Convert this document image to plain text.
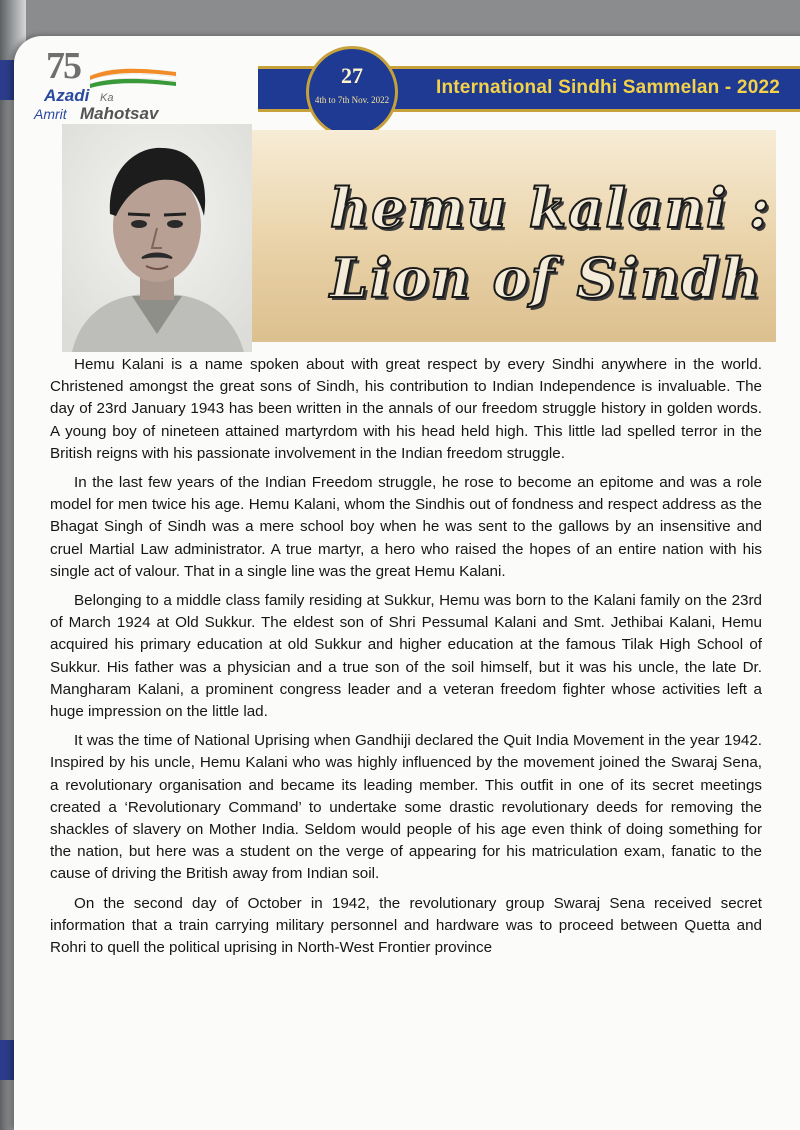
75
Azadi Ka
Amrit Mahotsav
International Sindhi Sammelan - 2022
27
4th to 7th Nov. 2022
hemu kalani :
Lion of Sindh

Hemu Kalani is a name spoken about with great respect by every Sindhi anywhere in the world. Christened amongst the great sons of Sindh, his contribution to Indian Independence is invaluable. The day of 23rd January 1943 has been written in the annals of our freedom struggle history in golden words. A young boy of nineteen attained martyrdom with his head held high. This little lad spelled terror in the British reigns with his passionate involvement in the Indian freedom struggle.

In the last few years of the Indian Freedom struggle, he rose to become an epitome and was a role model for men twice his age. Hemu Kalani, whom the Sindhis out of fondness and respect address as the Bhagat Singh of Sindh was a mere school boy when he was sent to the gallows by an insensitive and cruel Martial Law administrator. A true martyr, a hero who raised the hopes of an entire nation with his single act of valour. That in a single line was the great Hemu Kalani.

Belonging to a middle class family residing at Sukkur, Hemu was born to the Kalani family on the 23rd of March 1924 at Old Sukkur. The eldest son of Shri Pessumal Kalani and Smt. Jethibai Kalani, Hemu acquired his primary education at old Sukkur and higher education at the famous Tilak High School of Sukkur. His father was a physician and a true son of the soil himself, but it was his uncle, the late Dr. Mangharam Kalani, a prominent congress leader and a veteran freedom fighter whose activities left a huge impression on the little lad.

It was the time of National Uprising when Gandhiji declared the Quit India Movement in the year 1942. Inspired by his uncle, Hemu Kalani who was highly influenced by the movement joined the Swaraj Sena, a revolutionary organisation and became its leading member. This outfit in one of its secret meetings created a ‘Revolutionary Command’ to undertake some drastic revolutionary deeds for removing the shackles of slavery on Mother India. Seldom would people of his age even think of doing something for the nation, but here was a student on the verge of appearing for his matriculation exam, fanatic to the cause of driving the British away from Indian soil.

On the second day of October in 1942, the revolutionary group Swaraj Sena received secret information that a train carrying military personnel and hardware was to proceed between Quetta and Rohri to quell the political uprising in North-West Frontier province
